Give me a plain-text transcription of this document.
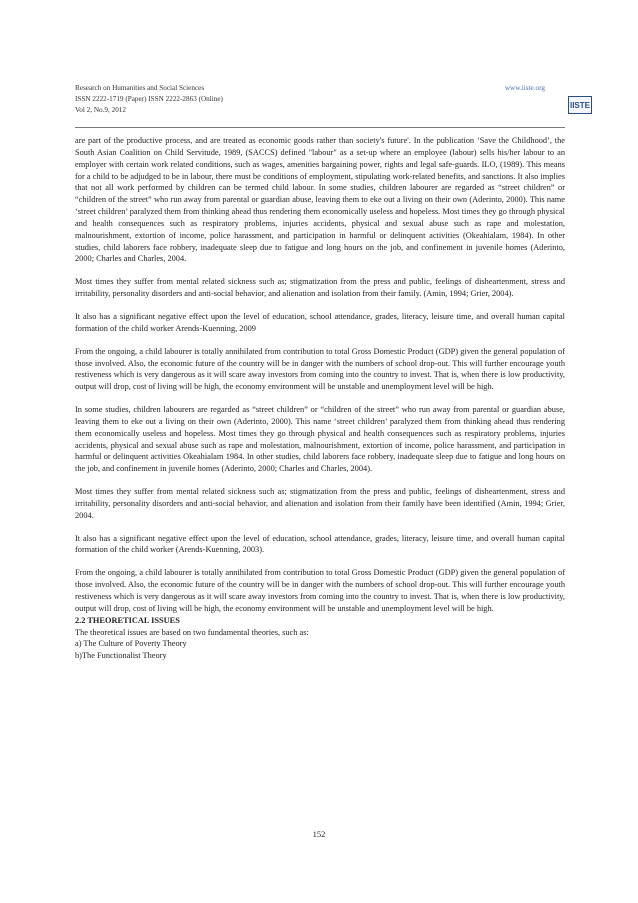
Research on Humanities and Social Sciences
ISSN 2222-1719 (Paper) ISSN 2222-2863 (Online)
Vol 2, No.9, 2012
www.iiste.org
IISTE

are part of the productive process, and are treated as economic goods rather than society's future'. In the publication ‘Save the Childhood’, the South Asian Coalition on Child Servitude, 1989, (SACCS) defined "labour" as a set-up where an employee (labour) sells his/her labour to an employer with certain work related conditions, such as wages, amenities bargaining power, rights and legal safe-guards. ILO, (1989). This means for a child to be adjudged to be in labour, there must be conditions of employment, stipulating work-related benefits, and sanctions. It also implies that not all work performed by children can be termed child labour. In some studies, children labourer are regarded as “street children” or “children of the street” who run away from parental or guardian abuse, leaving them to eke out a living on their own (Aderinto, 2000). This name ‘street children’ paralyzed them from thinking ahead thus rendering them economically useless and hopeless. Most times they go through physical and health consequences such as respiratory problems, injuries accidents, physical and sexual abuse such as rape and molestation, malnourishment, extortion of income, police harassment, and participation in harmful or delinquent activities (Okeahialam, 1984). In other studies, child laborers face robbery, inadequate sleep due to fatigue and long hours on the job, and confinement in juvenile homes (Aderinto, 2000; Charles and Charles, 2004.

Most times they suffer from mental related sickness such as; stigmatization from the press and public, feelings of disheartenment, stress and irritability, personality disorders and anti-social behavior, and alienation and isolation from their family. (Amin, 1994; Grier, 2004).

It also has a significant negative effect upon the level of education, school attendance, grades, literacy, leisure time, and overall human capital formation of the child worker Arends-Kuenning, 2009

From the ongoing, a child labourer is totally annihilated from contribution to total Gross Domestic Product (GDP) given the general population of those involved. Also, the economic future of the country will be in danger with the numbers of school drop-out. This will further encourage youth restiveness which is very dangerous as it will scare away investors from coming into the country to invest. That is, when there is low productivity, output will drop, cost of living will be high, the economy environment will be unstable and unemployment level will be high.

In some studies, children labourers are regarded as “street children” or “children of the street” who run away from parental or guardian abuse, leaving them to eke out a living on their own (Aderinto, 2000). This name ‘street children’ paralyzed them from thinking ahead thus rendering them economically useless and hopeless. Most times they go through physical and health consequences such as respiratory problems, injuries accidents, physical and sexual abuse such as rape and molestation, malnourishment, extortion of income, police harassment, and participation in harmful or delinquent activities Okeahialam 1984. In other studies, child laborers face robbery, inadequate sleep due to fatigue and long hours on the job, and confinement in juvenile homes (Aderinto, 2000; Charles and Charles, 2004).

Most times they suffer from mental related sickness such as; stigmatization from the press and public, feelings of disheartenment, stress and irritability, personality disorders and anti-social behavior, and alienation and isolation from their family have been identified (Amin, 1994; Grier, 2004.

It also has a significant negative effect upon the level of education, school attendance, grades, literacy, leisure time, and overall human capital formation of the child worker (Arends-Kuenning, 2003).

From the ongoing, a child labourer is totally annihilated from contribution to total Gross Domestic Product (GDP) given the general population of those involved. Also, the economic future of the country will be in danger with the numbers of school drop-out. This will further encourage youth restiveness which is very dangerous as it will scare away investors from coming into the country to invest. That is, when there is low productivity, output will drop, cost of living will be high, the economy environment will be unstable and unemployment level will be high.

2.2 THEORETICAL ISSUES
The theoretical issues are based on two fundamental theories, such as:
a) The Culture of Poverty Theory
b)The Functionalist Theory
152
